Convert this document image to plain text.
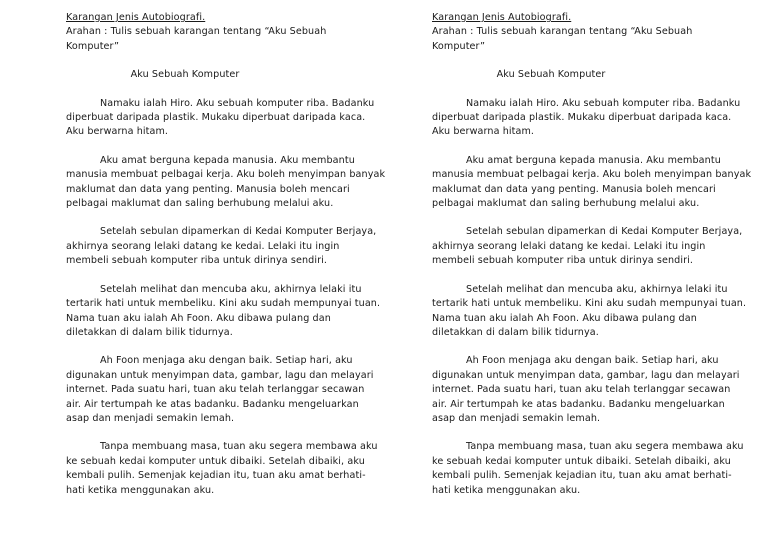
Karangan Jenis Autobiografi.
Arahan : Tulis sebuah karangan tentang “Aku Sebuah
Komputer”
Aku Sebuah Komputer
Namaku ialah Hiro. Aku sebuah komputer riba. Badanku
diperbuat daripada plastik. Mukaku diperbuat daripada kaca.
Aku berwarna hitam.
Aku amat berguna kepada manusia. Aku membantu
manusia membuat pelbagai kerja. Aku boleh menyimpan banyak
maklumat dan data yang penting. Manusia boleh mencari
pelbagai maklumat dan saling berhubung melalui aku.
Setelah sebulan dipamerkan di Kedai Komputer Berjaya,
akhirnya seorang lelaki datang ke kedai. Lelaki itu ingin
membeli sebuah komputer riba untuk dirinya sendiri.
Setelah melihat dan mencuba aku, akhirnya lelaki itu
tertarik hati untuk membeliku. Kini aku sudah mempunyai tuan.
Nama tuan aku ialah Ah Foon. Aku dibawa pulang dan
diletakkan di dalam bilik tidurnya.
Ah Foon menjaga aku dengan baik. Setiap hari, aku
digunakan untuk menyimpan data, gambar, lagu dan melayari
internet. Pada suatu hari, tuan aku telah terlanggar secawan
air. Air tertumpah ke atas badanku. Badanku mengeluarkan
asap dan menjadi semakin lemah.
Tanpa membuang masa, tuan aku segera membawa aku
ke sebuah kedai komputer untuk dibaiki. Setelah dibaiki, aku
kembali pulih. Semenjak kejadian itu, tuan aku amat berhati-
hati ketika menggunakan aku.
Karangan Jenis Autobiografi.
Arahan : Tulis sebuah karangan tentang “Aku Sebuah
Komputer”
Aku Sebuah Komputer
Namaku ialah Hiro. Aku sebuah komputer riba. Badanku
diperbuat daripada plastik. Mukaku diperbuat daripada kaca.
Aku berwarna hitam.
Aku amat berguna kepada manusia. Aku membantu
manusia membuat pelbagai kerja. Aku boleh menyimpan banyak
maklumat dan data yang penting. Manusia boleh mencari
pelbagai maklumat dan saling berhubung melalui aku.
Setelah sebulan dipamerkan di Kedai Komputer Berjaya,
akhirnya seorang lelaki datang ke kedai. Lelaki itu ingin
membeli sebuah komputer riba untuk dirinya sendiri.
Setelah melihat dan mencuba aku, akhirnya lelaki itu
tertarik hati untuk membeliku. Kini aku sudah mempunyai tuan.
Nama tuan aku ialah Ah Foon. Aku dibawa pulang dan
diletakkan di dalam bilik tidurnya.
Ah Foon menjaga aku dengan baik. Setiap hari, aku
digunakan untuk menyimpan data, gambar, lagu dan melayari
internet. Pada suatu hari, tuan aku telah terlanggar secawan
air. Air tertumpah ke atas badanku. Badanku mengeluarkan
asap dan menjadi semakin lemah.
Tanpa membuang masa, tuan aku segera membawa aku
ke sebuah kedai komputer untuk dibaiki. Setelah dibaiki, aku
kembali pulih. Semenjak kejadian itu, tuan aku amat berhati-
hati ketika menggunakan aku.
